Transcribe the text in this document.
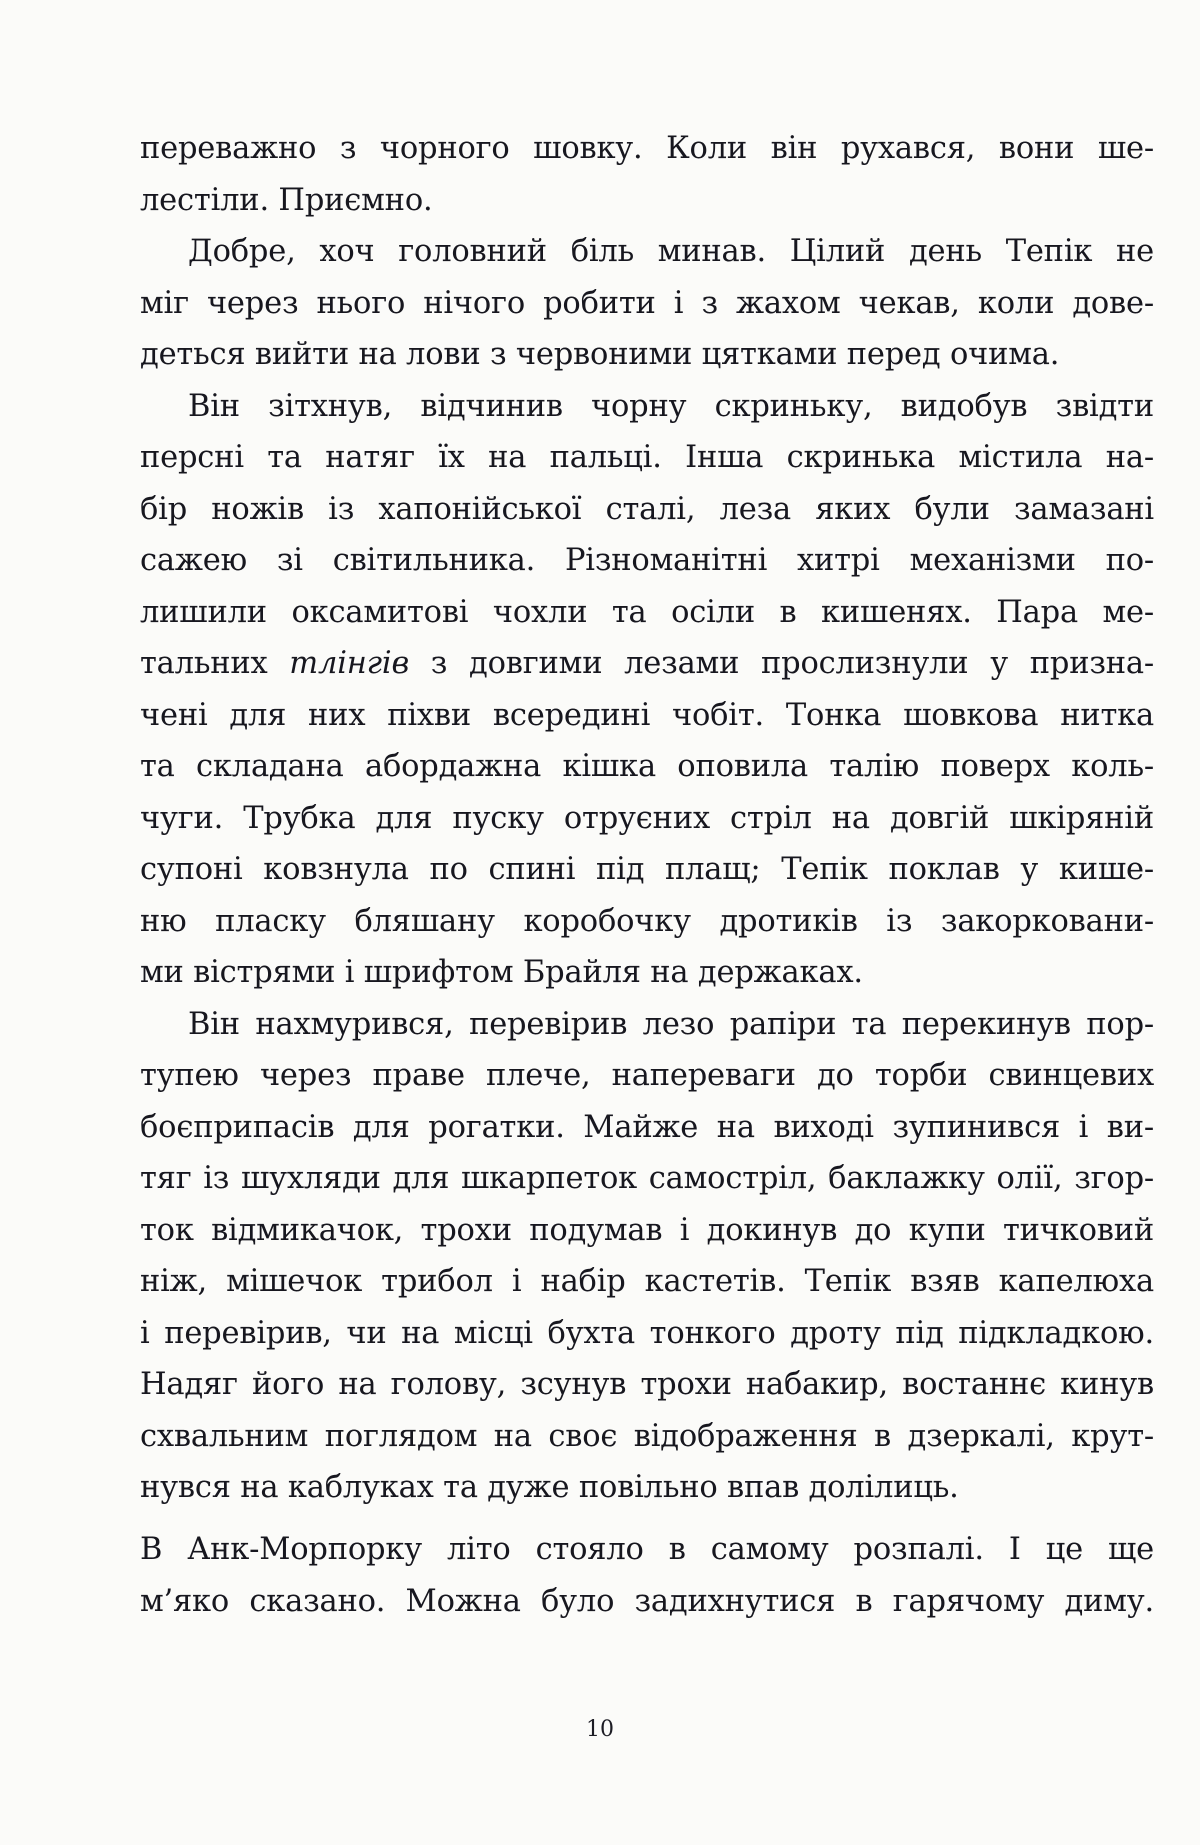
переважно з чорного шовку. Коли він рухався, вони ше-
лестіли. Приємно.
Добре, хоч головний біль минав. Цілий день Тепік не
міг через нього нічого робити і з жахом чекав, коли дове-
деться вийти на лови з червоними цятками перед очима.
Він зітхнув, відчинив чорну скриньку, видобув звідти
персні та натяг їх на пальці. Інша скринька містила на-
бір ножів із хапонійської сталі, леза яких були замазані
сажею зі світильника. Різноманітні хитрі механізми по-
лишили оксамитові чохли та осіли в кишенях. Пара ме-
тальних тлінгів з довгими лезами прослизнули у призна-
чені для них піхви всередині чобіт. Тонка шовкова нитка
та складана абордажна кішка оповила талію поверх коль-
чуги. Трубка для пуску отруєних стріл на довгій шкіряній
супоні ковзнула по спині під плащ; Тепік поклав у кише-
ню пласку бляшану коробочку дротиків із закорковани-
ми вістрями і шрифтом Брайля на держаках.
Він нахмурився, перевірив лезо рапіри та перекинув пор-
тупею через праве плече, напереваги до торби свинцевих
боєприпасів для рогатки. Майже на виході зупинився і ви-
тяг із шухляди для шкарпеток самостріл, баклажку олії, згор-
ток відмикачок, трохи подумав і докинув до купи тичковий
ніж, мішечок трибол і набір кастетів. Тепік взяв капелюха
і перевірив, чи на місці бухта тонкого дроту під підкладкою.
Надяг його на голову, зсунув трохи набакир, востаннє кинув
схвальним поглядом на своє відображення в дзеркалі, крут-
нувся на каблуках та дуже повільно впав долілиць.
В Анк-Морпорку літо стояло в самому розпалі. І це ще
м’яко сказано. Можна було задихнутися в гарячому диму.
10
